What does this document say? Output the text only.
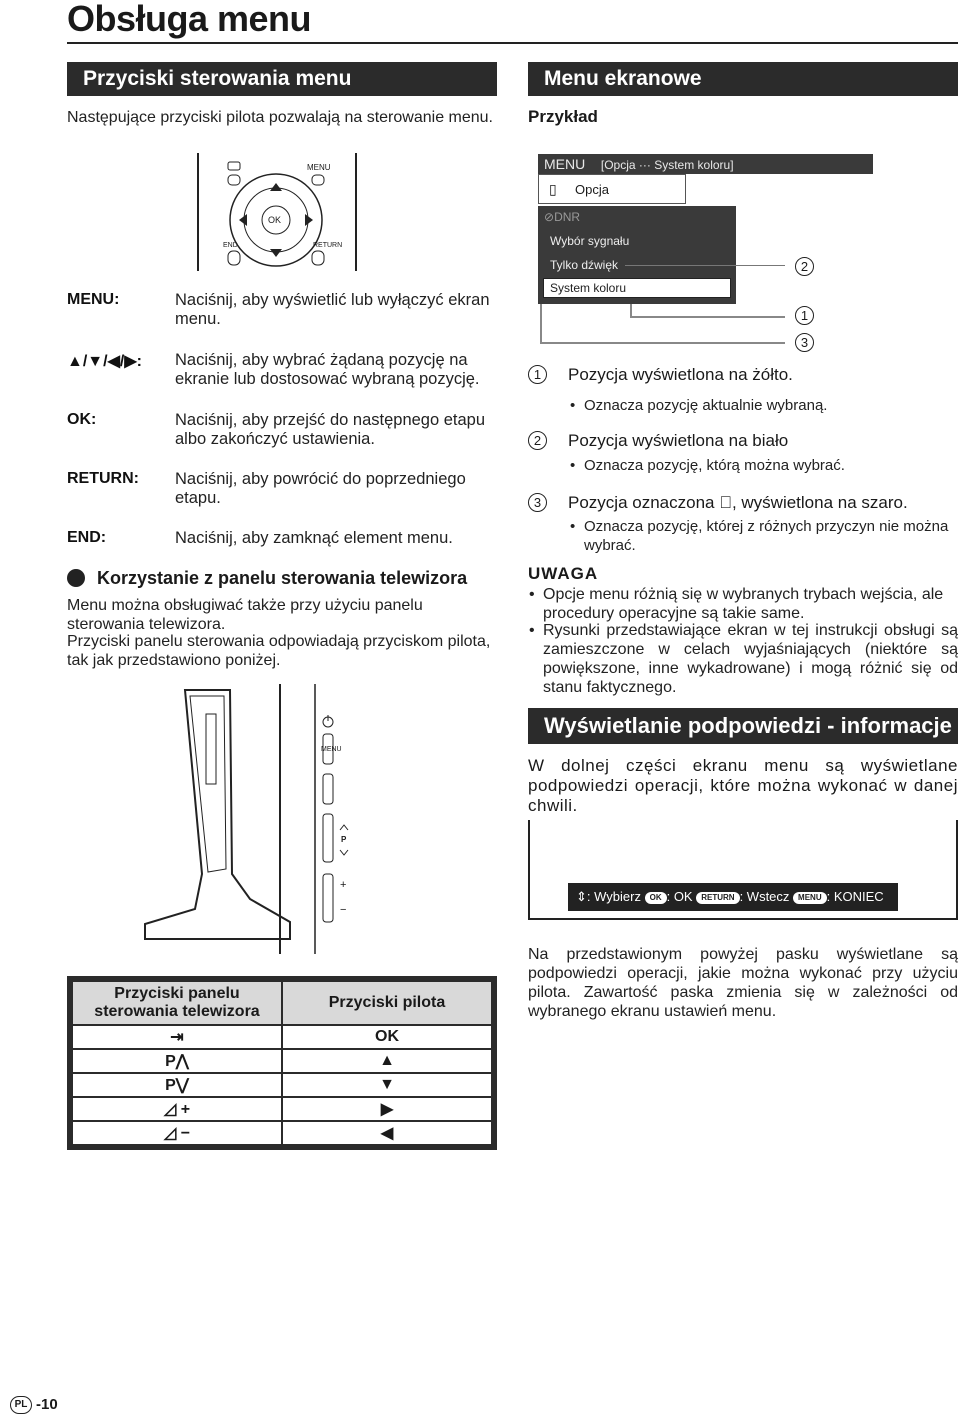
Obsługa menu
Przyciski sterowania menu
Następujące przyciski pilota pozwalają na sterowanie menu.
MENU
OK
END	RETURN
MENU:	Naciśnij, aby wyświetlić lub wyłączyć ekran menu.
▲/▼/◀/▶: Naciśnij, aby wybrać żądaną pozycję na ekranie lub dostosować wybraną pozycję.
OK:	Naciśnij, aby przejść do następnego etapu albo zakończyć ustawienia.
RETURN: Naciśnij, aby powrócić do poprzedniego etapu.
END:	Naciśnij, aby zamknąć element menu.
Korzystanie z panelu sterowania telewizora
Menu można obsługiwać także przy użyciu panelu sterowania telewizora.
Przyciski panelu sterowania odpowiadają przyciskom pilota, tak jak przedstawiono poniżej.
MENU
P
+
−
Przyciski panelu sterowania telewizora	Przyciski pilota
⇥	OK
P⋀	▲
P⋁	▼
◿ +	▶
◿ −	◀
Menu ekranowe
Przykład
MENU [Opcja ··· System koloru]
▯ Opcja
⊘DNR
Wybór sygnału
Tylko dźwięk
System koloru
2
1
3
1	Pozycja wyświetlona na żółto.
• Oznacza pozycję aktualnie wybraną.
2	Pozycja wyświetlona na biało
• Oznacza pozycję, którą można wybrać.
3	Pozycja oznaczona ⃠, wyświetlona na szaro.
• Oznacza pozycję, której z różnych przyczyn nie można wybrać.
UWAGA
• Opcje menu różnią się w wybranych trybach wejścia, ale procedury operacyjne są takie same.
• Rysunki przedstawiające ekran w tej instrukcji obsługi są zamieszczone w celach wyjaśniających (niektóre są powiększone, inne wykadrowane) i mogą różnić się od stanu faktycznego.
Wyświetlanie podpowiedzi - informacje
W dolnej części ekranu menu są wyświetlane podpowiedzi operacji, które można wykonać w danej chwili.
⇕: Wybierz OK : OK RETURN : Wstecz MENU : KONIEC
Na przedstawionym powyżej pasku wyświetlane są podpowiedzi operacji, jakie można wykonać przy użyciu pilota. Zawartość paska zmienia się w zależności od wybranego ekranu ustawień menu.
PL -10
